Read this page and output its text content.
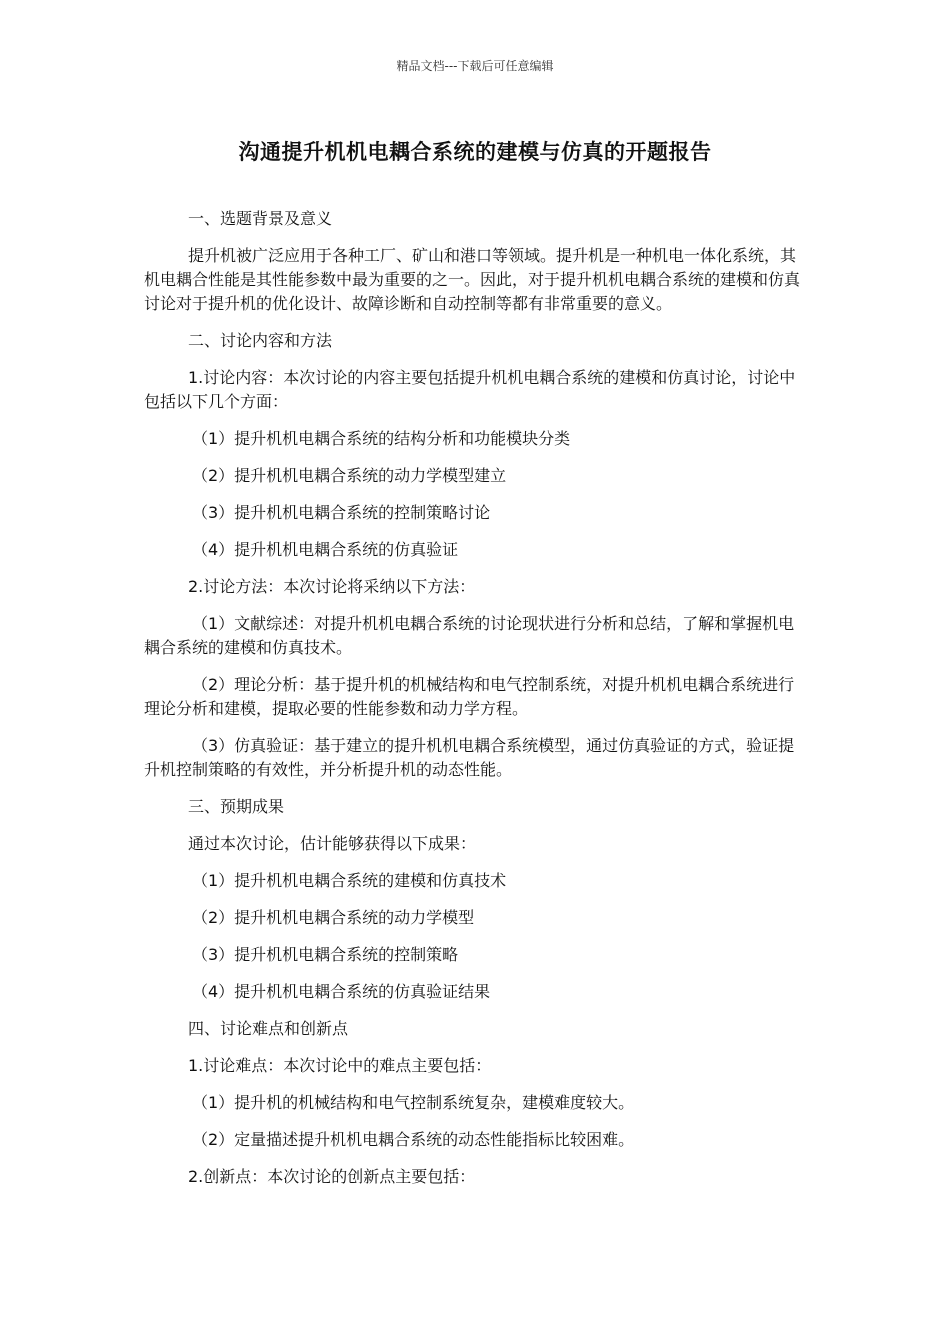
精品文档---下载后可任意编辑
沟通提升机机电耦合系统的建模与仿真的开题报告

一、选题背景及意义

提升机被广泛应用于各种工厂、矿山和港口等领域。提升机是一种机电一体化系统，其机电耦合性能是其性能参数中最为重要的之一。因此，对于提升机机电耦合系统的建模和仿真讨论对于提升机的优化设计、故障诊断和自动控制等都有非常重要的意义。

二、讨论内容和方法

1.讨论内容：本次讨论的内容主要包括提升机机电耦合系统的建模和仿真讨论，讨论中包括以下几个方面：

（1）提升机机电耦合系统的结构分析和功能模块分类

（2）提升机机电耦合系统的动力学模型建立

（3）提升机机电耦合系统的控制策略讨论

（4）提升机机电耦合系统的仿真验证

2.讨论方法：本次讨论将采纳以下方法：

（1）文献综述：对提升机机电耦合系统的讨论现状进行分析和总结，了解和掌握机电耦合系统的建模和仿真技术。

（2）理论分析：基于提升机的机械结构和电气控制系统，对提升机机电耦合系统进行理论分析和建模，提取必要的性能参数和动力学方程。

（3）仿真验证：基于建立的提升机机电耦合系统模型，通过仿真验证的方式，验证提升机控制策略的有效性，并分析提升机的动态性能。

三、预期成果

通过本次讨论，估计能够获得以下成果：

（1）提升机机电耦合系统的建模和仿真技术

（2）提升机机电耦合系统的动力学模型

（3）提升机机电耦合系统的控制策略

（4）提升机机电耦合系统的仿真验证结果

四、讨论难点和创新点

1.讨论难点：本次讨论中的难点主要包括：

（1）提升机的机械结构和电气控制系统复杂，建模难度较大。

（2）定量描述提升机机电耦合系统的动态性能指标比较困难。

2.创新点：本次讨论的创新点主要包括：
